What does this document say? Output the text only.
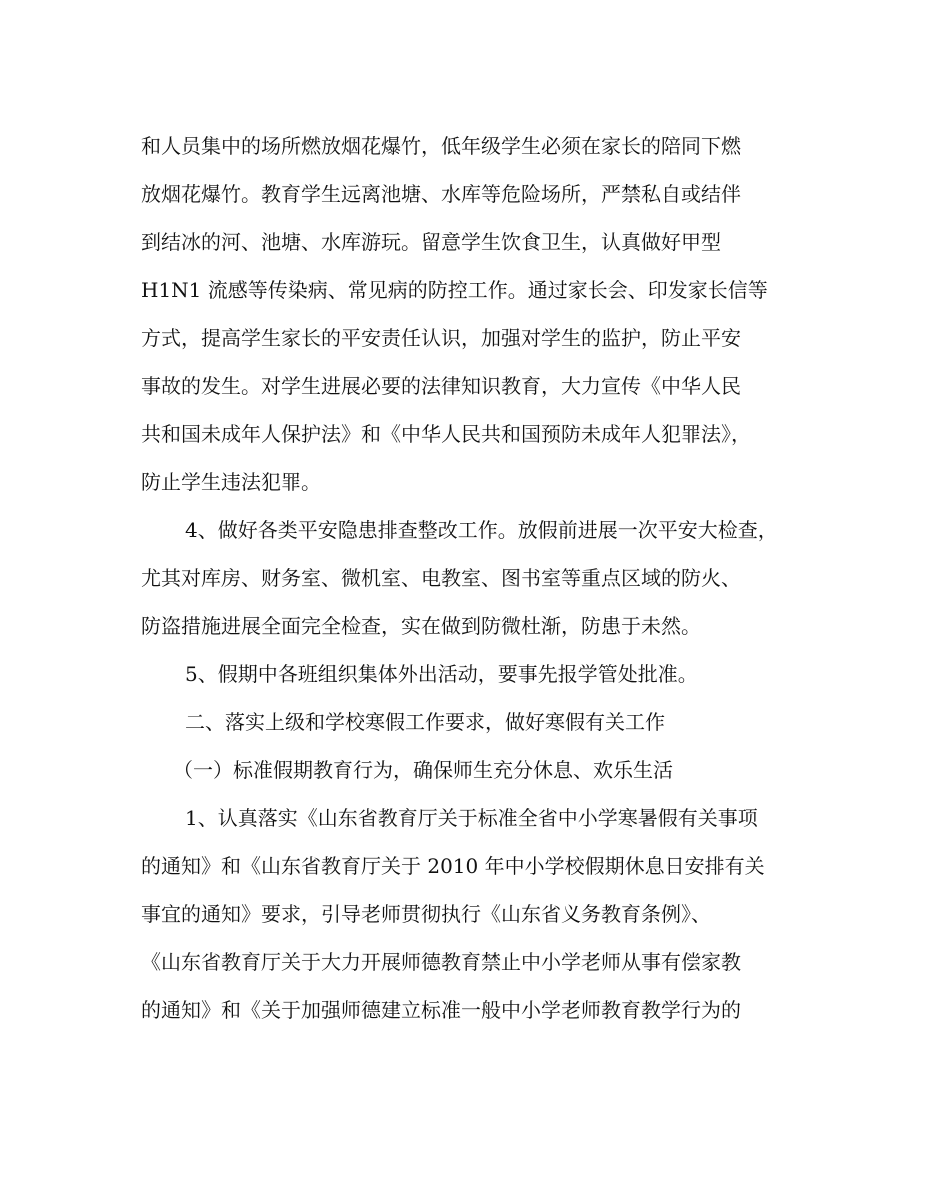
和人员集中的场所燃放烟花爆竹，低年级学生必须在家长的陪同下燃
放烟花爆竹。教育学生远离池塘、水库等危险场所，严禁私自或结伴
到结冰的河、池塘、水库游玩。留意学生饮食卫生，认真做好甲型
H1N1 流感等传染病、常见病的防控工作。通过家长会、印发家长信等
方式，提高学生家长的平安责任认识，加强对学生的监护，防止平安
事故的发生。对学生进展必要的法律知识教育，大力宣传《中华人民
共和国未成年人保护法》和《中华人民共和国预防未成年人犯罪法》，
防止学生违法犯罪。
4、做好各类平安隐患排查整改工作。放假前进展一次平安大检查，
尤其对库房、财务室、微机室、电教室、图书室等重点区域的防火、
防盗措施进展全面完全检查，实在做到防微杜渐，防患于未然。
5、假期中各班组织集体外出活动，要事先报学管处批准。
二、落实上级和学校寒假工作要求，做好寒假有关工作
（一）标准假期教育行为，确保师生充分休息、欢乐生活
1、认真落实《山东省教育厅关于标准全省中小学寒暑假有关事项
的通知》和《山东省教育厅关于 2010 年中小学校假期休息日安排有关
事宜的通知》要求，引导老师贯彻执行《山东省义务教育条例》、
《山东省教育厅关于大力开展师德教育禁止中小学老师从事有偿家教
的通知》和《关于加强师德建立标准一般中小学老师教育教学行为的
